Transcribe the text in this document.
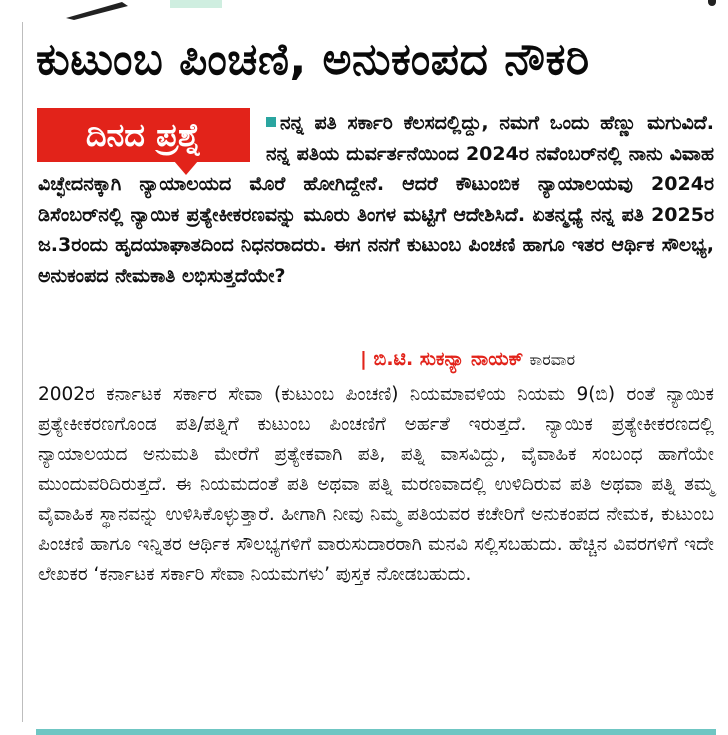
ಕುಟುಂಬ ಪಿಂಚಣಿ, ಅನುಕಂಪದ ನೌಕರಿ
ನನ್ನ ಪತಿ ಸರ್ಕಾರಿ ಕೆಲಸದಲ್ಲಿದ್ದು, ನಮಗೆ ಒಂದು ಹೆಣ್ಣು ಮಗುವಿದೆ. ನನ್ನ ಪತಿಯ ದುರ್ವರ್ತನೆಯಿಂದ 2024ರ ನವೆಂಬರ್‌ನಲ್ಲಿ ನಾನು ವಿವಾಹ ವಿಚ್ಛೇದನಕ್ಕಾಗಿ ನ್ಯಾಯಾಲಯದ ಮೊರೆ ಹೋಗಿದ್ದೇನೆ. ಆದರೆ ಕೌಟುಂಬಿಕ ನ್ಯಾಯಾಲಯವು 2024ರ ಡಿಸೆಂಬರ್‌ನಲ್ಲಿ ನ್ಯಾಯಿಕ ಪ್ರತ್ಯೇಕೀಕರಣವನ್ನು ಮೂರು ತಿಂಗಳ ಮಟ್ಟಿಗೆ ಆದೇಶಿಸಿದೆ. ಏತನ್ಮಧ್ಯೆ ನನ್ನ ಪತಿ 2025ರ ಜ.3ರಂದು ಹೃದಯಾಘಾತದಿಂದ ನಿಧನರಾದರು. ಈಗ ನನಗೆ ಕುಟುಂಬ ಪಿಂಚಣಿ ಹಾಗೂ ಇತರ ಆರ್ಥಿಕ ಸೌಲಭ್ಯ, ಅನುಕಂಪದ ನೇಮಕಾತಿ ಲಭಿಸುತ್ತದೆಯೇ?
ದಿನದ ಪ್ರಶ್ನೆ
| ಬಿ.ಟಿ. ಸುಕನ್ಯಾ ನಾಯಕ್ ಕಾರವಾರ
2002ರ ಕರ್ನಾಟಕ ಸರ್ಕಾರ ಸೇವಾ (ಕುಟುಂಬ ಪಿಂಚಣಿ) ನಿಯಮಾವಳಿಯ ನಿಯಮ 9(ಬಿ) ರಂತೆ ನ್ಯಾಯಿಕ ಪ್ರತ್ಯೇಕೀಕರಣಗೊಂಡ ಪತಿ/ಪತ್ನಿಗೆ ಕುಟುಂಬ ಪಿಂಚಣಿಗೆ ಅರ್ಹತೆ ಇರುತ್ತದೆ. ನ್ಯಾಯಿಕ ಪ್ರತ್ಯೇಕೀಕರಣದಲ್ಲಿ ನ್ಯಾಯಾಲಯದ ಅನುಮತಿ ಮೇರೆಗೆ ಪ್ರತ್ಯೇಕವಾಗಿ ಪತಿ, ಪತ್ನಿ ವಾಸವಿದ್ದು, ವೈವಾಹಿಕ ಸಂಬಂಧ ಹಾಗೆಯೇ ಮುಂದುವರಿದಿರುತ್ತದೆ. ಈ ನಿಯಮದಂತೆ ಪತಿ ಅಥವಾ ಪತ್ನಿ ಮರಣವಾದಲ್ಲಿ ಉಳಿದಿರುವ ಪತಿ ಅಥವಾ ಪತ್ನಿ ತಮ್ಮ ವೈವಾಹಿಕ ಸ್ಥಾನವನ್ನು ಉಳಿಸಿಕೊಳ್ಳುತ್ತಾರೆ. ಹೀಗಾಗಿ ನೀವು ನಿಮ್ಮ ಪತಿಯವರ ಕಚೇರಿಗೆ ಅನುಕಂಪದ ನೇಮಕ, ಕುಟುಂಬ ಪಿಂಚಣಿ ಹಾಗೂ ಇನ್ನಿತರ ಆರ್ಥಿಕ ಸೌಲಭ್ಯಗಳಿಗೆ ವಾರುಸುದಾರರಾಗಿ ಮನವಿ ಸಲ್ಲಿಸಬಹುದು. ಹೆಚ್ಚಿನ ವಿವರಗಳಿಗೆ ಇದೇ ಲೇಖಕರ ‘ಕರ್ನಾಟಕ ಸರ್ಕಾರಿ ಸೇವಾ ನಿಯಮಗಳು’ ಪುಸ್ತಕ ನೋಡಬಹುದು.
